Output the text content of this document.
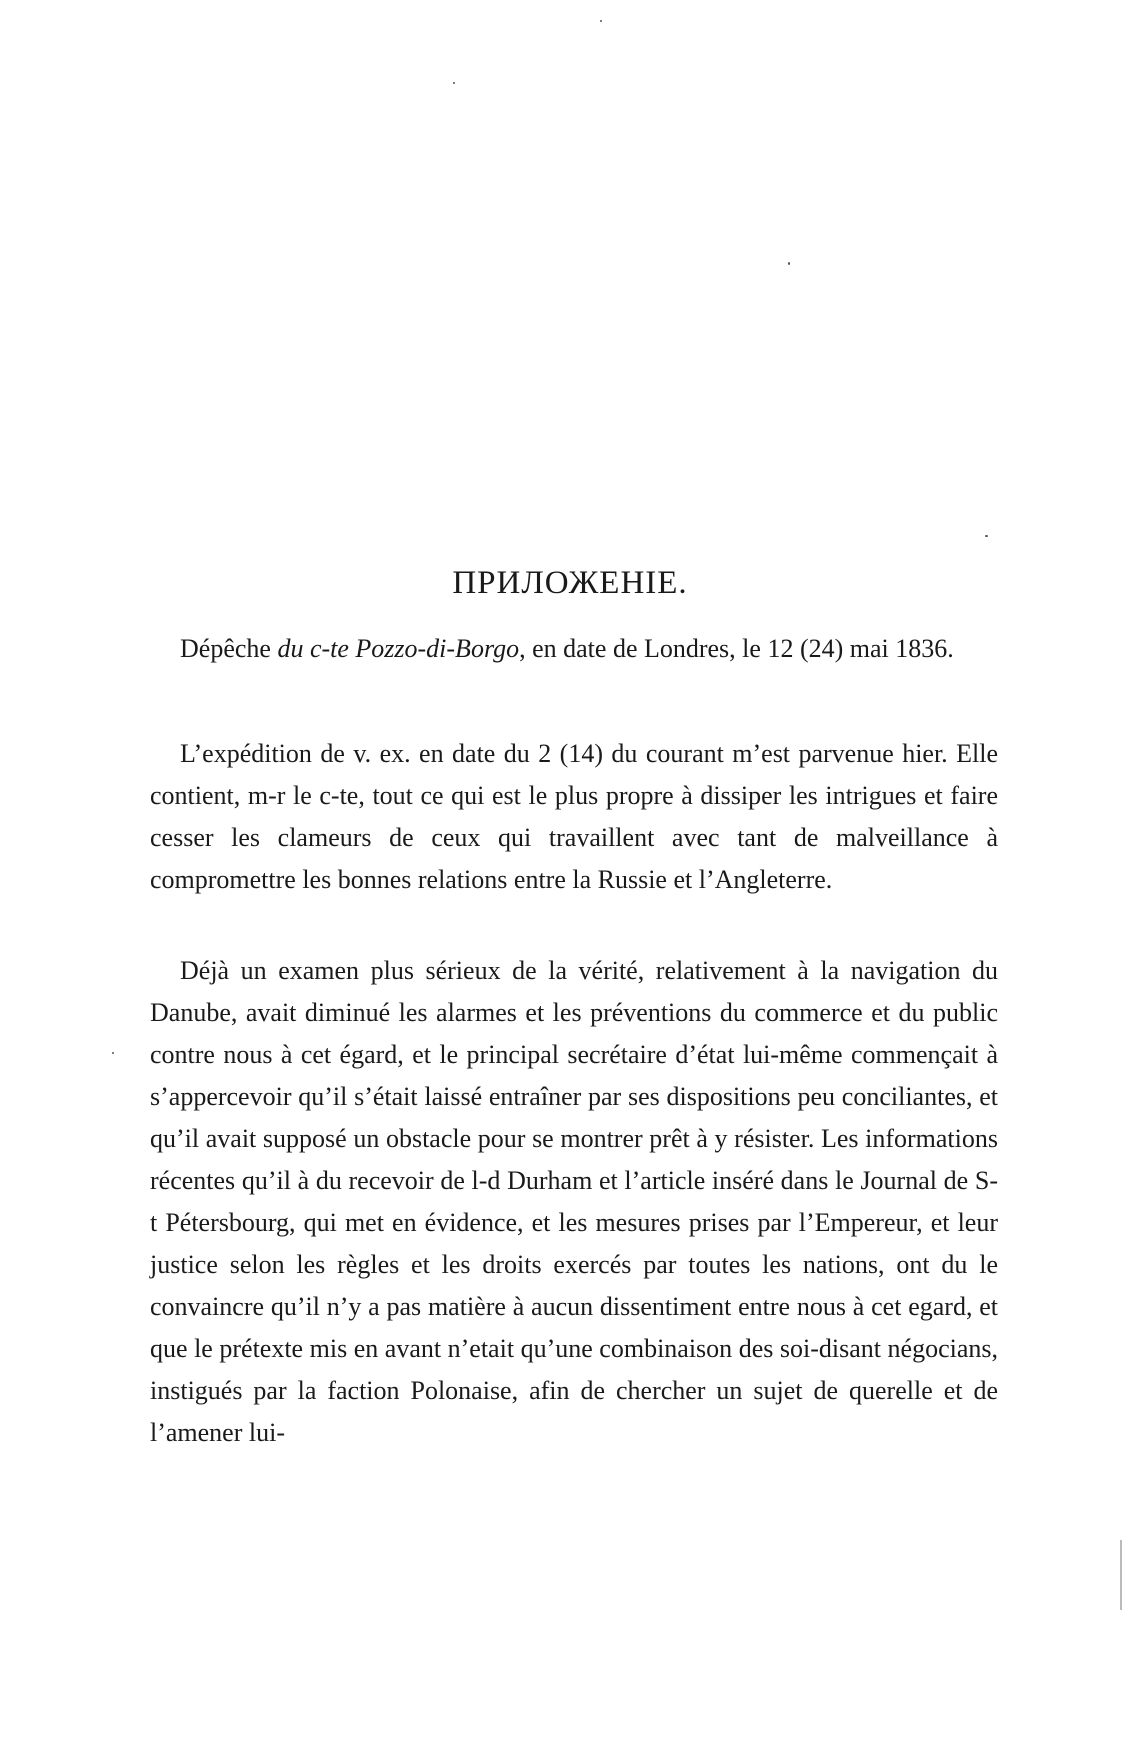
ПРИЛОЖЕНIЕ.

Dépêche du c-te Pozzo-di-Borgo, en date de Londres, le 12 (24) mai 1836.

L’expédition de v. ex. en date du 2 (14) du courant m’est parvenue hier. Elle contient, m-r le c-te, tout ce qui est le plus propre à dissiper les intrigues et faire cesser les clameurs de ceux qui travaillent avec tant de malveillance à compromettre les bonnes relations entre la Russie et l’Angleterre.

Déjà un examen plus sérieux de la vérité, relativement à la navigation du Danube, avait diminué les alarmes et les préventions du commerce et du public contre nous à cet égard, et le principal secrétaire d’état lui-même commençait à s’appercevoir qu’il s’était laissé entraîner par ses dispositions peu conciliantes, et qu’il avait supposé un obstacle pour se montrer prêt à y résister. Les informations récentes qu’il à du recevoir de l-d Durham et l’article inséré dans le Journal de S-t Pétersbourg, qui met en évidence, et les mesures prises par l’Empereur, et leur justice selon les règles et les droits exercés par toutes les nations, ont du le convaincre qu’il n’y a pas matière à aucun dissentiment entre nous à cet egard, et que le prétexte mis en avant n’etait qu’une combinaison des soi-disant négocians, instigués par la faction Polonaise, afin de chercher un sujet de querelle et de l’amener lui-
